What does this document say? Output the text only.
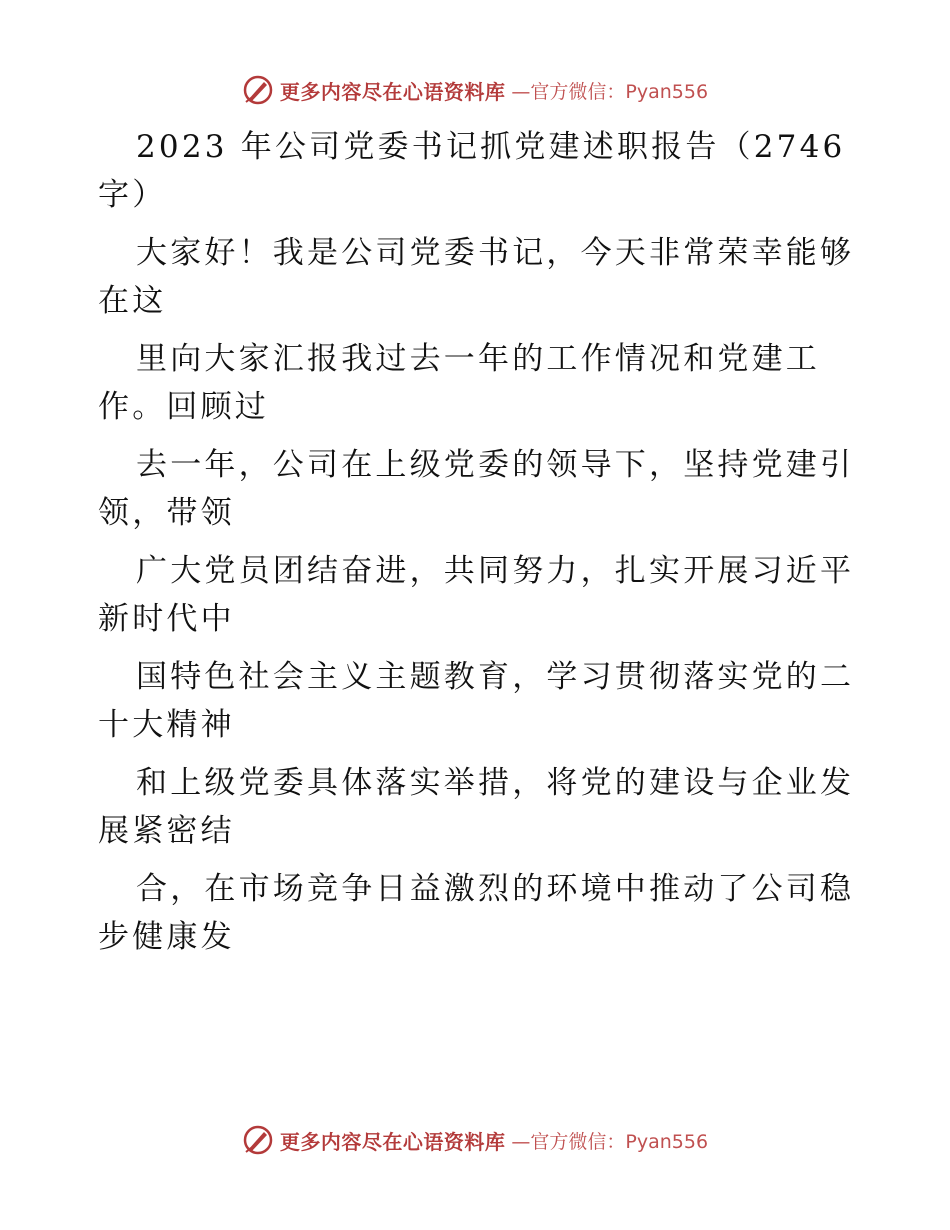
更多内容尽在心语资料库 —官方微信：Pyan556
2023 年公司党委书记抓党建述职报告（2746
字）
大家好！我是公司党委书记，今天非常荣幸能够
在这
里向大家汇报我过去一年的工作情况和党建工
作。回顾过
去一年，公司在上级党委的领导下，坚持党建引
领，带领
广大党员团结奋进，共同努力，扎实开展习近平
新时代中
国特色社会主义主题教育，学习贯彻落实党的二
十大精神
和上级党委具体落实举措，将党的建设与企业发
展紧密结
合，在市场竞争日益激烈的环境中推动了公司稳
步健康发
更多内容尽在心语资料库 —官方微信：Pyan556
